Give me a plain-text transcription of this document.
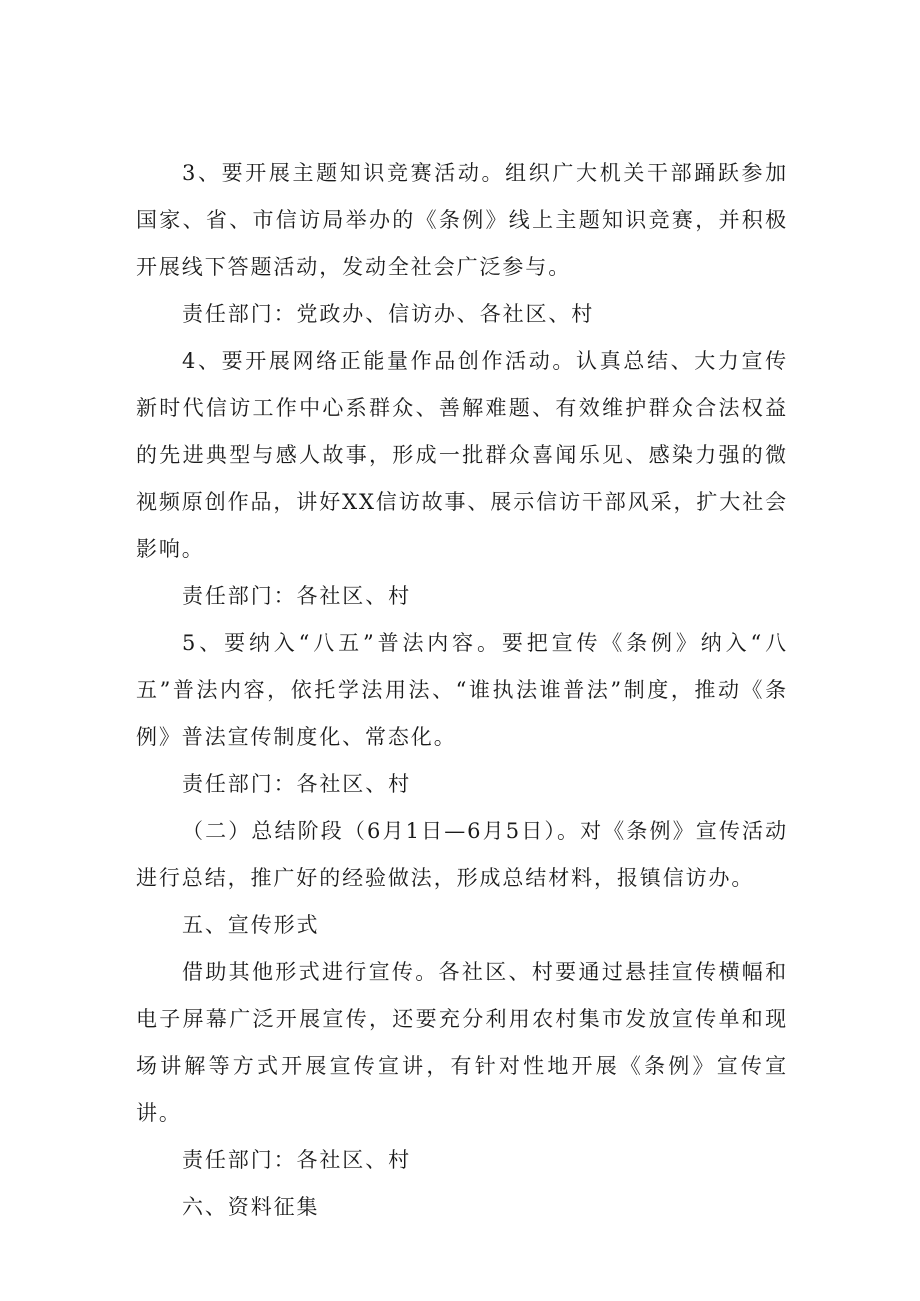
3、要开展主题知识竞赛活动。组织广大机关干部踊跃参加国家、省、市信访局举办的《条例》线上主题知识竞赛，并积极开展线下答题活动，发动全社会广泛参与。

责任部门：党政办、信访办、各社区、村

4、要开展网络正能量作品创作活动。认真总结、大力宣传新时代信访工作中心系群众、善解难题、有效维护群众合法权益的先进典型与感人故事，形成一批群众喜闻乐见、感染力强的微视频原创作品，讲好XX信访故事、展示信访干部风采，扩大社会影响。

责任部门：各社区、村

5、要纳入“八五”普法内容。要把宣传《条例》纳入“八五”普法内容，依托学法用法、“谁执法谁普法”制度，推动《条例》普法宣传制度化、常态化。

责任部门：各社区、村

（二）总结阶段（6月1日—6月5日）。对《条例》宣传活动进行总结，推广好的经验做法，形成总结材料，报镇信访办。

五、宣传形式

借助其他形式进行宣传。各社区、村要通过悬挂宣传横幅和电子屏幕广泛开展宣传，还要充分利用农村集市发放宣传单和现场讲解等方式开展宣传宣讲，有针对性地开展《条例》宣传宣讲。

责任部门：各社区、村

六、资料征集
